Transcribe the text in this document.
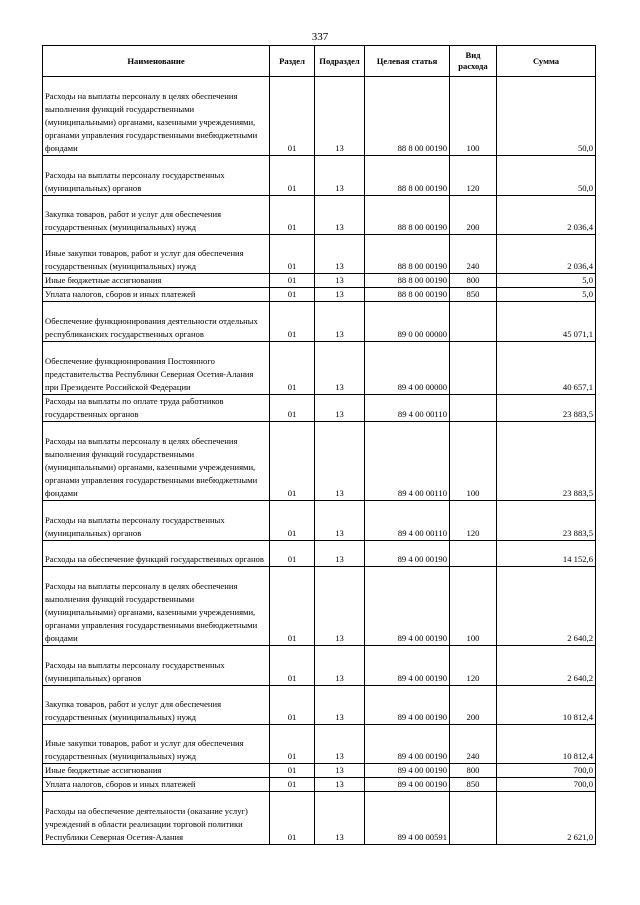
337
Наименование	Раздел	Подраздел	Целевая статья	Вид расхода	Сумма
Расходы на выплаты персоналу в целях обеспечения выполнения функций государственными (муниципальными) органами, казенными учреждениями, органами управления государственными внебюджетными фондами	01	13	88 8 00 00190	100	50,0
Расходы на выплаты персоналу государственных (муниципальных) органов	01	13	88 8 00 00190	120	50,0
Закупка товаров, работ и услуг для обеспечения государственных (муниципальных) нужд	01	13	88 8 00 00190	200	2 036,4
Иные закупки товаров, работ и услуг для обеспечения государственных (муниципальных) нужд	01	13	88 8 00 00190	240	2 036,4
Иные бюджетные ассигнования	01	13	88 8 00 00190	800	5,0
Уплата налогов, сборов и иных платежей	01	13	88 8 00 00190	850	5,0
Обеспечение функционирования деятельности отдельных республиканских государственных органов	01	13	89 0 00 00000		45 071,1
Обеспечение функционирования Постоянного представительства Республики Северная Осетия-Алания при Президенте Российской Федерации	01	13	89 4 00 00000		40 657,1
Расходы на выплаты по оплате труда работников государственных органов	01	13	89 4 00 00110		23 883,5
Расходы на выплаты персоналу в целях обеспечения выполнения функций государственными (муниципальными) органами, казенными учреждениями, органами управления государственными внебюджетными фондами	01	13	89 4 00 00110	100	23 883,5
Расходы на выплаты персоналу государственных (муниципальных) органов	01	13	89 4 00 00110	120	23 883,5
Расходы на обеспечение функций государственных органов	01	13	89 4 00 00190		14 152,6
Расходы на выплаты персоналу в целях обеспечения выполнения функций государственными (муниципальными) органами, казенными учреждениями, органами управления государственными внебюджетными фондами	01	13	89 4 00 00190	100	2 640,2
Расходы на выплаты персоналу государственных (муниципальных) органов	01	13	89 4 00 00190	120	2 640,2
Закупка товаров, работ и услуг для обеспечения государственных (муниципальных) нужд	01	13	89 4 00 00190	200	10 812,4
Иные закупки товаров, работ и услуг для обеспечения государственных (муниципальных) нужд	01	13	89 4 00 00190	240	10 812,4
Иные бюджетные ассигнования	01	13	89 4 00 00190	800	700,0
Уплата налогов, сборов и иных платежей	01	13	89 4 00 00190	850	700,0
Расходы на обеспечение деятельности (оказание услуг) учреждений в области реализации торговой политики Республики Северная Осетия-Алания	01	13	89 4 00 00591		2 621,0
